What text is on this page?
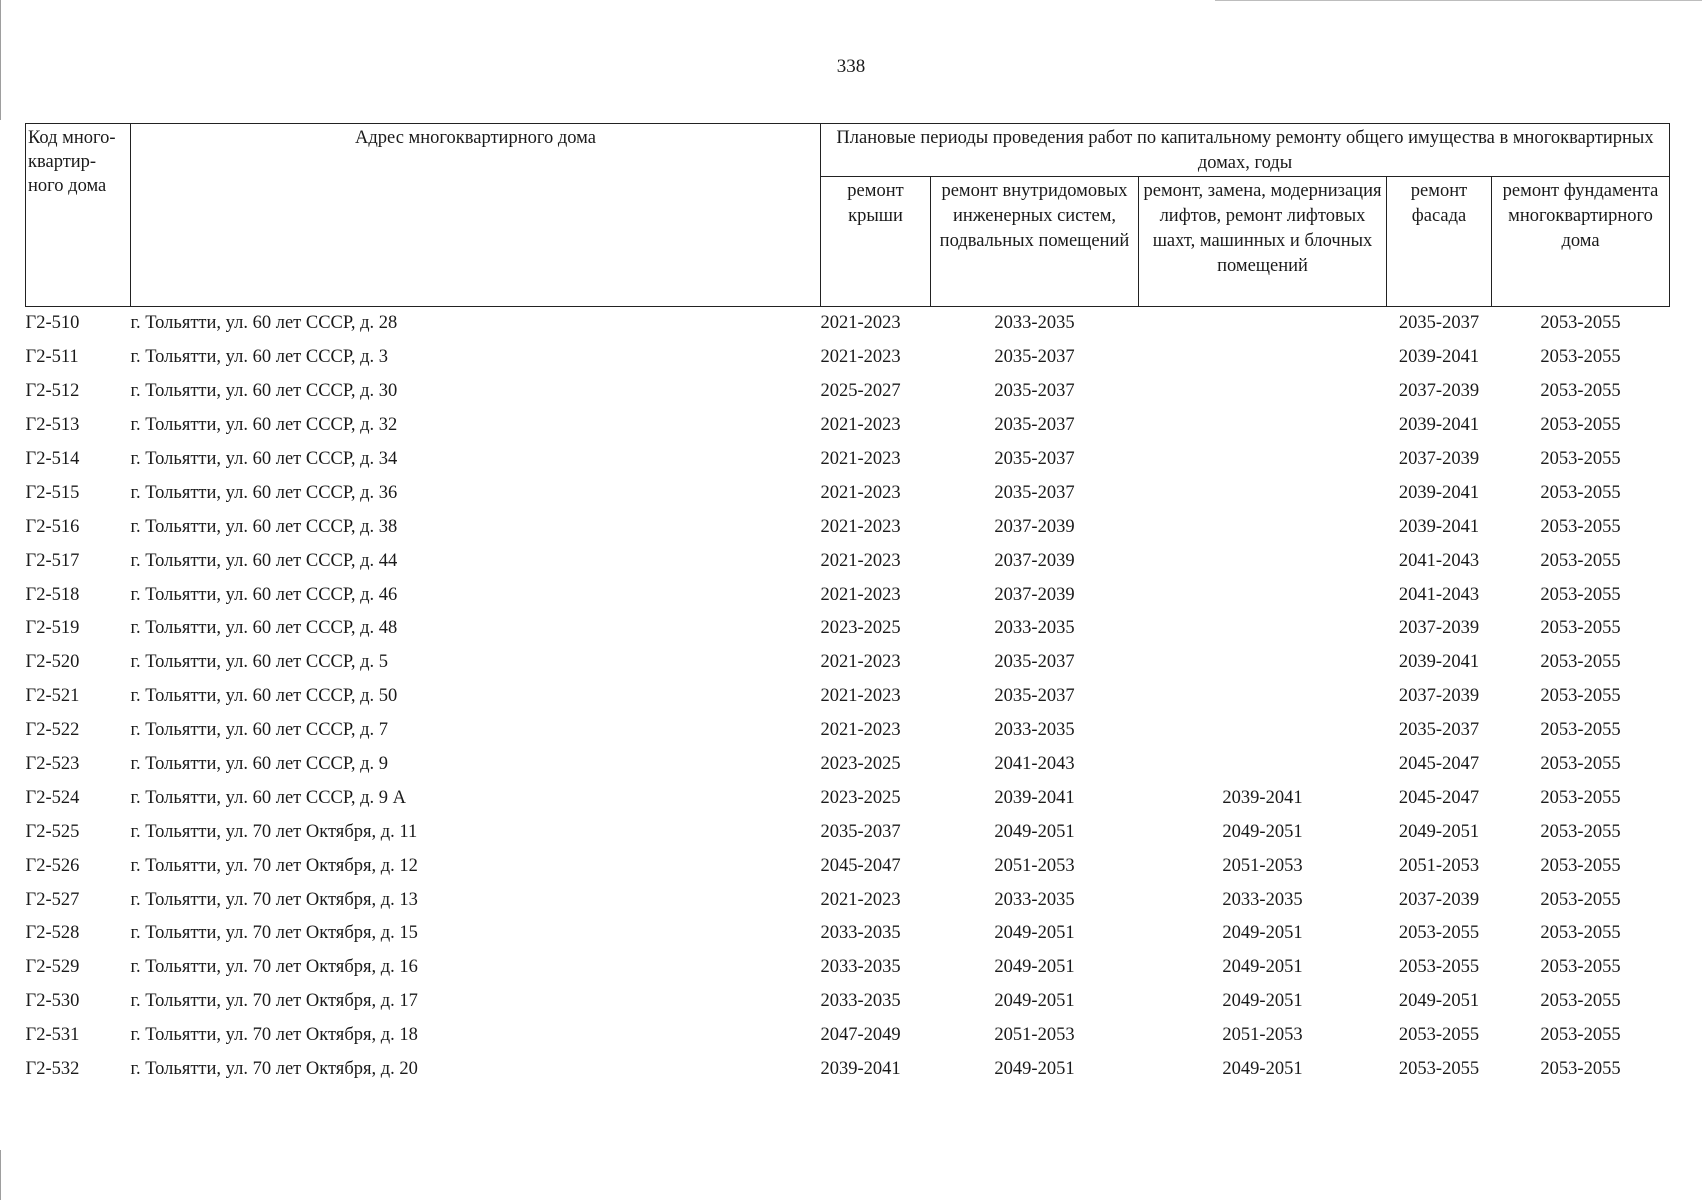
338
Код много-квартир-ного дома	Адрес многоквартирного дома	Плановые периоды проведения работ по капитальному ремонту общего имущества в многоквартирных домах, годы				
		ремонт крыши	ремонт внутридомовых инженерных систем, подвальных помещений	ремонт, замена, модернизация лифтов, ремонт лифтовых шахт, машинных и блочных помещений	ремонт фасада	ремонт фундамента многоквартирного дома
Г2-510	г. Тольятти, ул. 60 лет СССР, д. 28	2021-2023	2033-2035		2035-2037	2053-2055
Г2-511	г. Тольятти, ул. 60 лет СССР, д. 3	2021-2023	2035-2037		2039-2041	2053-2055
Г2-512	г. Тольятти, ул. 60 лет СССР, д. 30	2025-2027	2035-2037		2037-2039	2053-2055
Г2-513	г. Тольятти, ул. 60 лет СССР, д. 32	2021-2023	2035-2037		2039-2041	2053-2055
Г2-514	г. Тольятти, ул. 60 лет СССР, д. 34	2021-2023	2035-2037		2037-2039	2053-2055
Г2-515	г. Тольятти, ул. 60 лет СССР, д. 36	2021-2023	2035-2037		2039-2041	2053-2055
Г2-516	г. Тольятти, ул. 60 лет СССР, д. 38	2021-2023	2037-2039		2039-2041	2053-2055
Г2-517	г. Тольятти, ул. 60 лет СССР, д. 44	2021-2023	2037-2039		2041-2043	2053-2055
Г2-518	г. Тольятти, ул. 60 лет СССР, д. 46	2021-2023	2037-2039		2041-2043	2053-2055
Г2-519	г. Тольятти, ул. 60 лет СССР, д. 48	2023-2025	2033-2035		2037-2039	2053-2055
Г2-520	г. Тольятти, ул. 60 лет СССР, д. 5	2021-2023	2035-2037		2039-2041	2053-2055
Г2-521	г. Тольятти, ул. 60 лет СССР, д. 50	2021-2023	2035-2037		2037-2039	2053-2055
Г2-522	г. Тольятти, ул. 60 лет СССР, д. 7	2021-2023	2033-2035		2035-2037	2053-2055
Г2-523	г. Тольятти, ул. 60 лет СССР, д. 9	2023-2025	2041-2043		2045-2047	2053-2055
Г2-524	г. Тольятти, ул. 60 лет СССР, д. 9 А	2023-2025	2039-2041	2039-2041	2045-2047	2053-2055
Г2-525	г. Тольятти, ул. 70 лет Октября, д. 11	2035-2037	2049-2051	2049-2051	2049-2051	2053-2055
Г2-526	г. Тольятти, ул. 70 лет Октября, д. 12	2045-2047	2051-2053	2051-2053	2051-2053	2053-2055
Г2-527	г. Тольятти, ул. 70 лет Октября, д. 13	2021-2023	2033-2035	2033-2035	2037-2039	2053-2055
Г2-528	г. Тольятти, ул. 70 лет Октября, д. 15	2033-2035	2049-2051	2049-2051	2053-2055	2053-2055
Г2-529	г. Тольятти, ул. 70 лет Октября, д. 16	2033-2035	2049-2051	2049-2051	2053-2055	2053-2055
Г2-530	г. Тольятти, ул. 70 лет Октября, д. 17	2033-2035	2049-2051	2049-2051	2049-2051	2053-2055
Г2-531	г. Тольятти, ул. 70 лет Октября, д. 18	2047-2049	2051-2053	2051-2053	2053-2055	2053-2055
Г2-532	г. Тольятти, ул. 70 лет Октября, д. 20	2039-2041	2049-2051	2049-2051	2053-2055	2053-2055
